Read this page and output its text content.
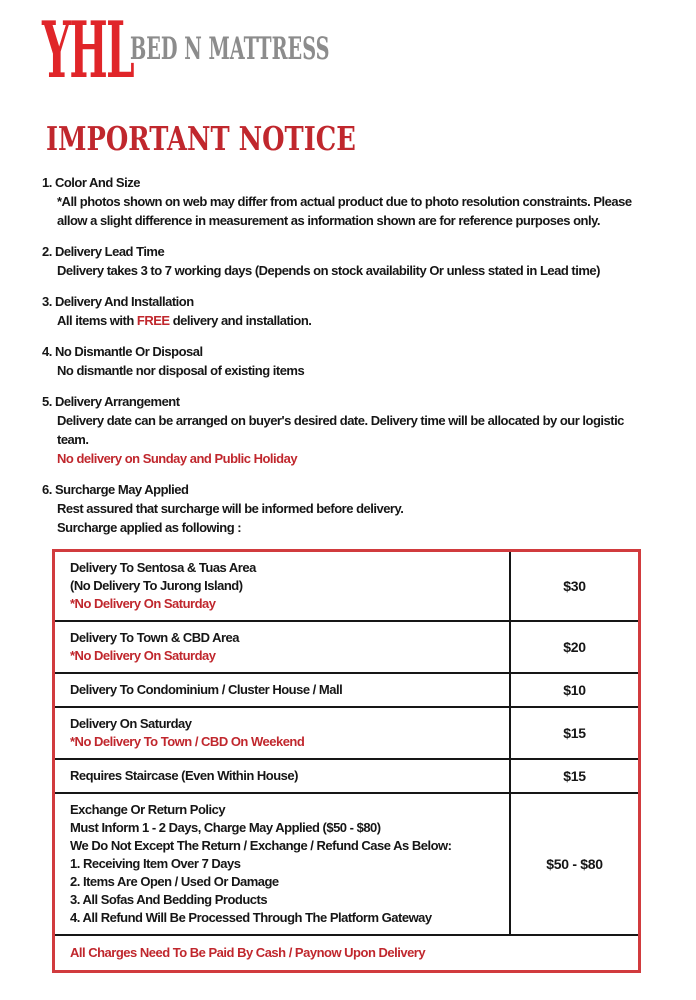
YHL
BED N MATTRESS
IMPORTANT NOTICE
1. Color And Size
*All photos shown on web may differ from actual product due to photo resolution constraints. Please allow a slight difference in measurement as information shown are for reference purposes only.
2. Delivery Lead Time
Delivery takes 3 to 7 working days (Depends on stock availability Or unless stated in Lead time)
3. Delivery And Installation
All items with FREE delivery and installation.
4. No Dismantle Or Disposal
No dismantle nor disposal of existing items
5. Delivery Arrangement
Delivery date can be arranged on buyer's desired date. Delivery time will be allocated by our logistic team.
No delivery on Sunday and Public Holiday
6. Surcharge May Applied
Rest assured that surcharge will be informed before delivery.
Surcharge applied as following :
Delivery To Sentosa & Tuas Area
(No Delivery To Jurong Island)
*No Delivery On Saturday
$30
Delivery To Town & CBD Area
*No Delivery On Saturday
$20
Delivery To Condominium / Cluster House / Mall	$10
Delivery On Saturday
*No Delivery To Town / CBD On Weekend
$15
Requires Staircase (Even Within House)	$15
Exchange Or Return Policy
Must Inform 1 - 2 Days, Charge May Applied ($50 - $80)
We Do Not Except The Return / Exchange / Refund Case As Below:
1. Receiving Item Over 7 Days
2. Items Are Open / Used Or Damage
3. All Sofas And Bedding Products
4. All Refund Will Be Processed Through The Platform Gateway
$50 - $80
All Charges Need To Be Paid By Cash / Paynow Upon Delivery
